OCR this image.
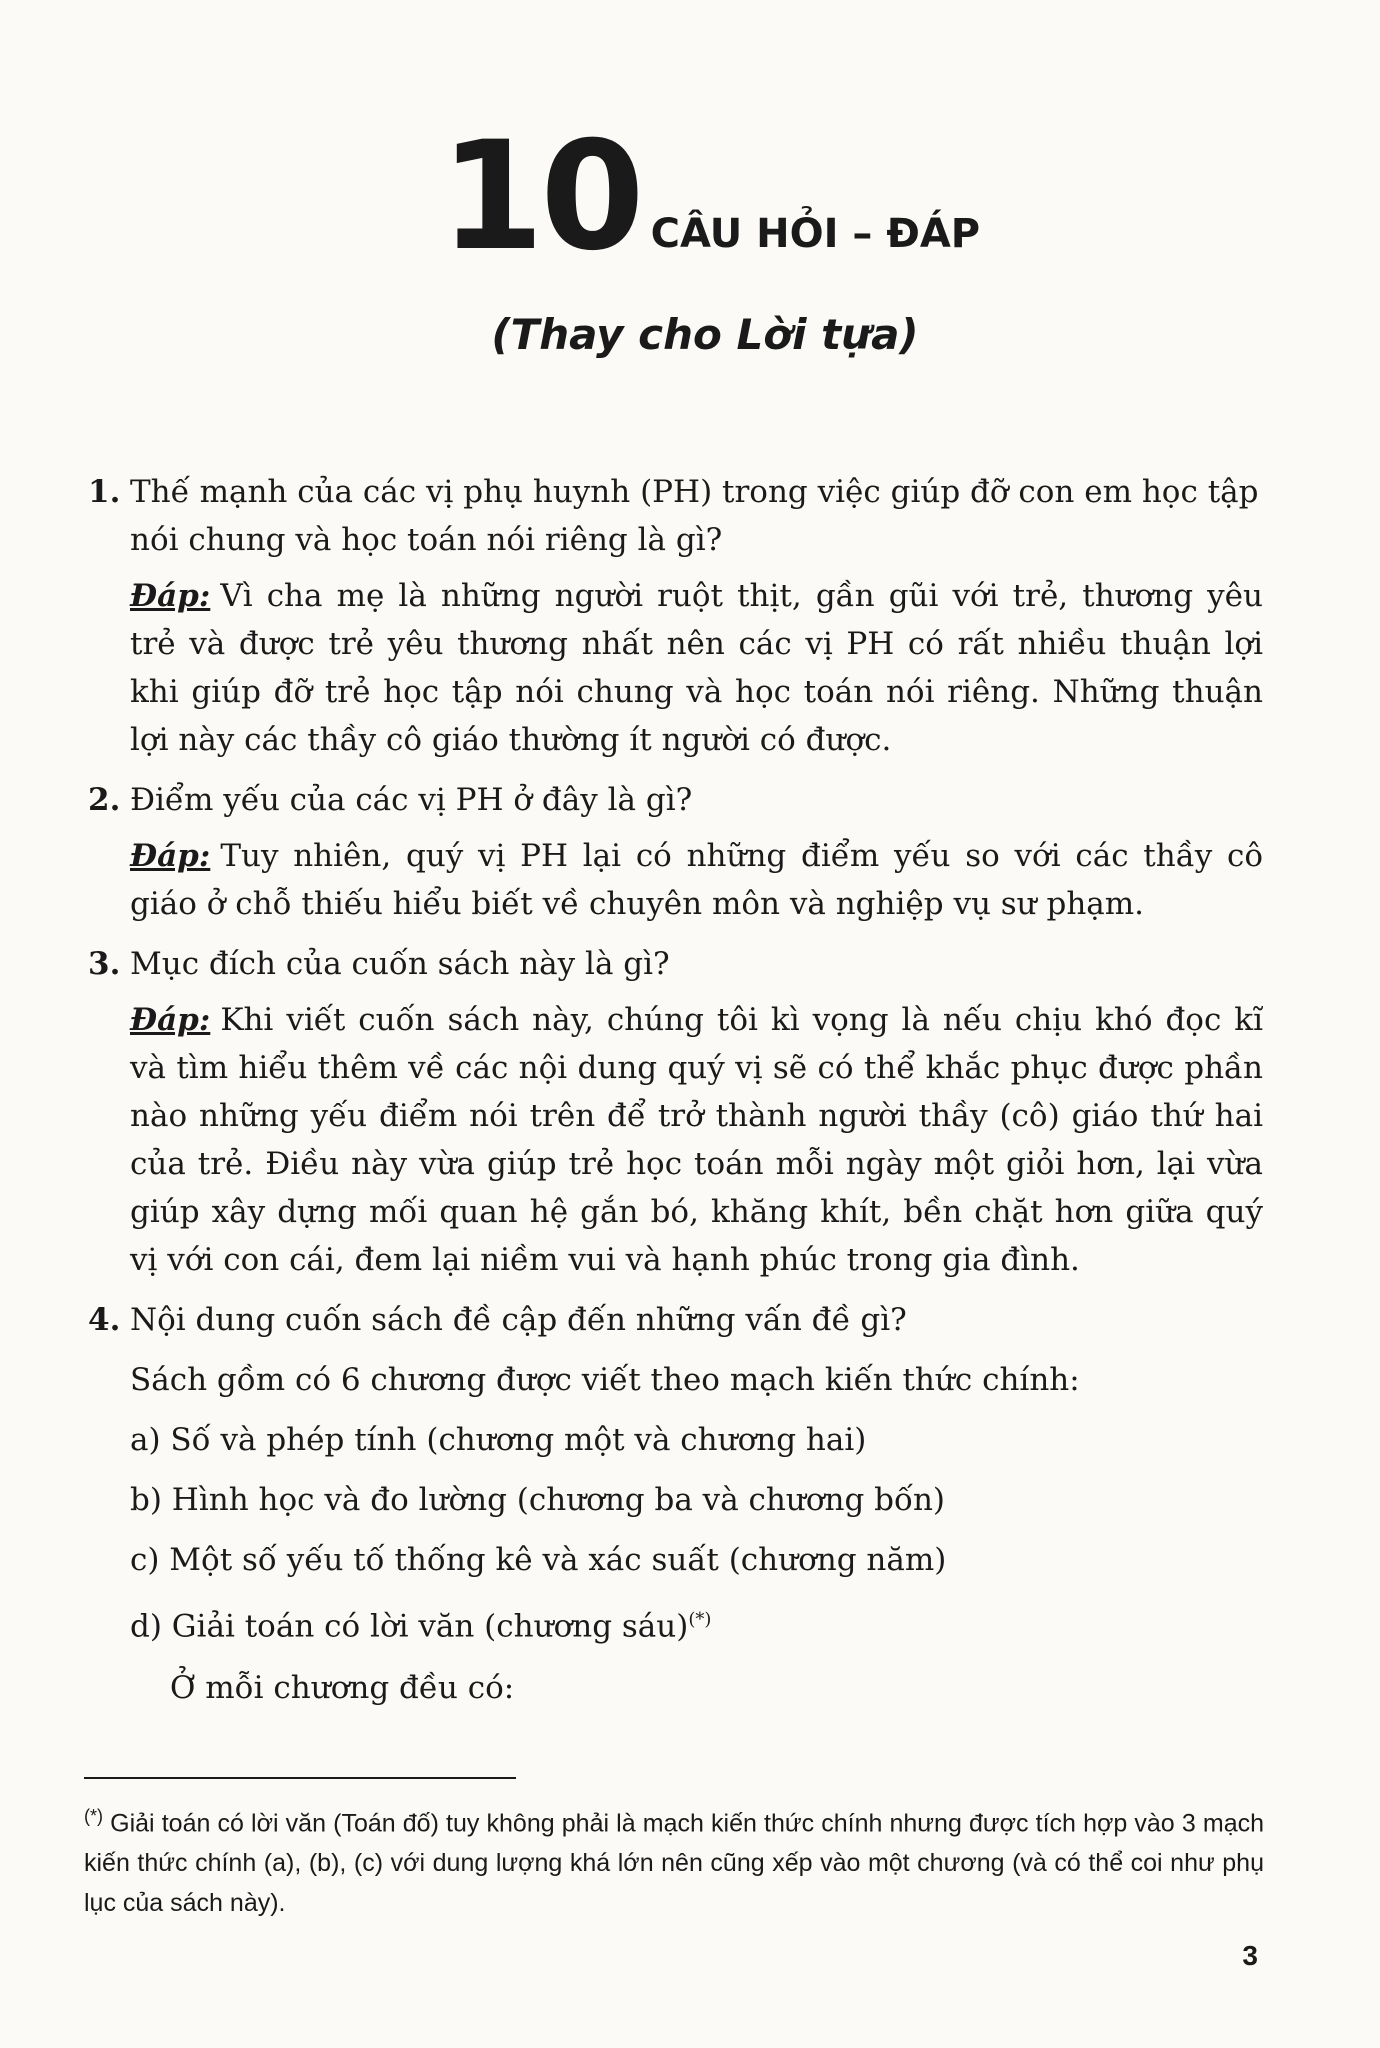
10 CÂU HỎI – ĐÁP
(Thay cho Lời tựa)
1. Thế mạnh của các vị phụ huynh (PH) trong việc giúp đỡ con em học tập nói chung và học toán nói riêng là gì?
Đáp: Vì cha mẹ là những người ruột thịt, gần gũi với trẻ, thương yêu trẻ và được trẻ yêu thương nhất nên các vị PH có rất nhiều thuận lợi khi giúp đỡ trẻ học tập nói chung và học toán nói riêng. Những thuận lợi này các thầy cô giáo thường ít người có được.
2. Điểm yếu của các vị PH ở đây là gì?
Đáp: Tuy nhiên, quý vị PH lại có những điểm yếu so với các thầy cô giáo ở chỗ thiếu hiểu biết về chuyên môn và nghiệp vụ sư phạm.
3. Mục đích của cuốn sách này là gì?
Đáp: Khi viết cuốn sách này, chúng tôi kì vọng là nếu chịu khó đọc kĩ và tìm hiểu thêm về các nội dung quý vị sẽ có thể khắc phục được phần nào những yếu điểm nói trên để trở thành người thầy (cô) giáo thứ hai của trẻ. Điều này vừa giúp trẻ học toán mỗi ngày một giỏi hơn, lại vừa giúp xây dựng mối quan hệ gắn bó, khăng khít, bền chặt hơn giữa quý vị với con cái, đem lại niềm vui và hạnh phúc trong gia đình.
4. Nội dung cuốn sách đề cập đến những vấn đề gì?
Sách gồm có 6 chương được viết theo mạch kiến thức chính:
a) Số và phép tính (chương một và chương hai)
b) Hình học và đo lường (chương ba và chương bốn)
c) Một số yếu tố thống kê và xác suất (chương năm)
d) Giải toán có lời văn (chương sáu)(*)
Ở mỗi chương đều có:
(*) Giải toán có lời văn (Toán đố) tuy không phải là mạch kiến thức chính nhưng được tích hợp vào 3 mạch kiến thức chính (a), (b), (c) với dung lượng khá lớn nên cũng xếp vào một chương (và có thể coi như phụ lục của sách này).
3
